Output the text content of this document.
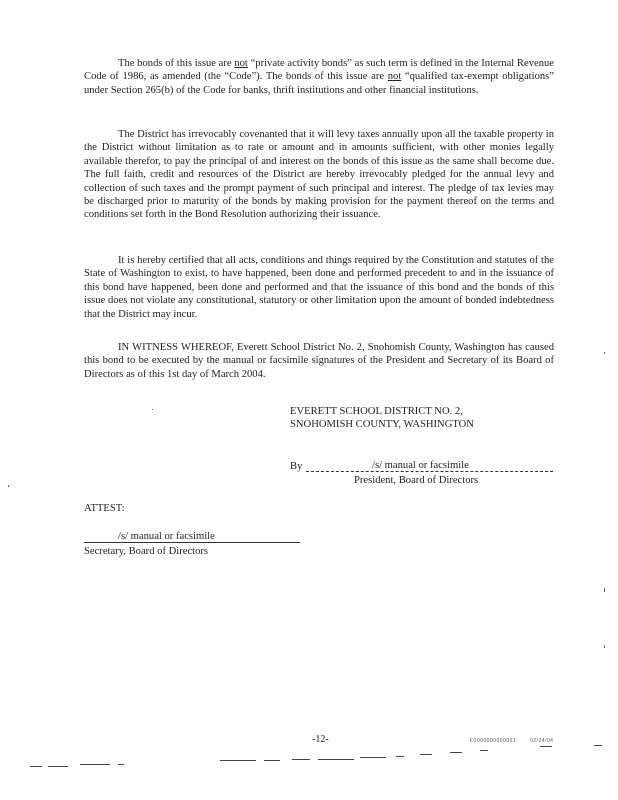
The bonds of this issue are not “private activity bonds” as such term is defined in the Internal Revenue Code of 1986, as amended (the “Code”). The bonds of this issue are not “qualified tax-exempt obligations” under Section 265(b) of the Code for banks, thrift institutions and other financial institutions.

The District has irrevocably covenanted that it will levy taxes annually upon all the taxable property in the District without limitation as to rate or amount and in amounts sufficient, with other monies legally available therefor, to pay the principal of and interest on the bonds of this issue as the same shall become due. The full faith, credit and resources of the District are hereby irrevocably pledged for the annual levy and collection of such taxes and the prompt payment of such principal and interest. The pledge of tax levies may be discharged prior to maturity of the bonds by making provision for the payment thereof on the terms and conditions set forth in the Bond Resolution authorizing their issuance.

It is hereby certified that all acts, conditions and things required by the Constitution and statutes of the State of Washington to exist, to have happened, been done and performed precedent to and in the issuance of this bond have happened, been done and performed and that the issuance of this bond and the bonds of this issue does not violate any constitutional, statutory or other limitation upon the amount of bonded indebtedness that the District may incur.

IN WITNESS WHEREOF, Everett School District No. 2, Snohomish County, Washington has caused this bond to be executed by the manual or facsimile signatures of the President and Secretary of its Board of Directors as of this 1st day of March 2004.

EVERETT SCHOOL DISTRICT NO. 2,
SNOHOMISH COUNTY, WASHINGTON
By	/s/ manual or facsimile
President, Board of Directors
ATTEST:
/s/ manual or facsimile
Secretary, Board of Directors
-12-	F0000000000001	02/24/04
